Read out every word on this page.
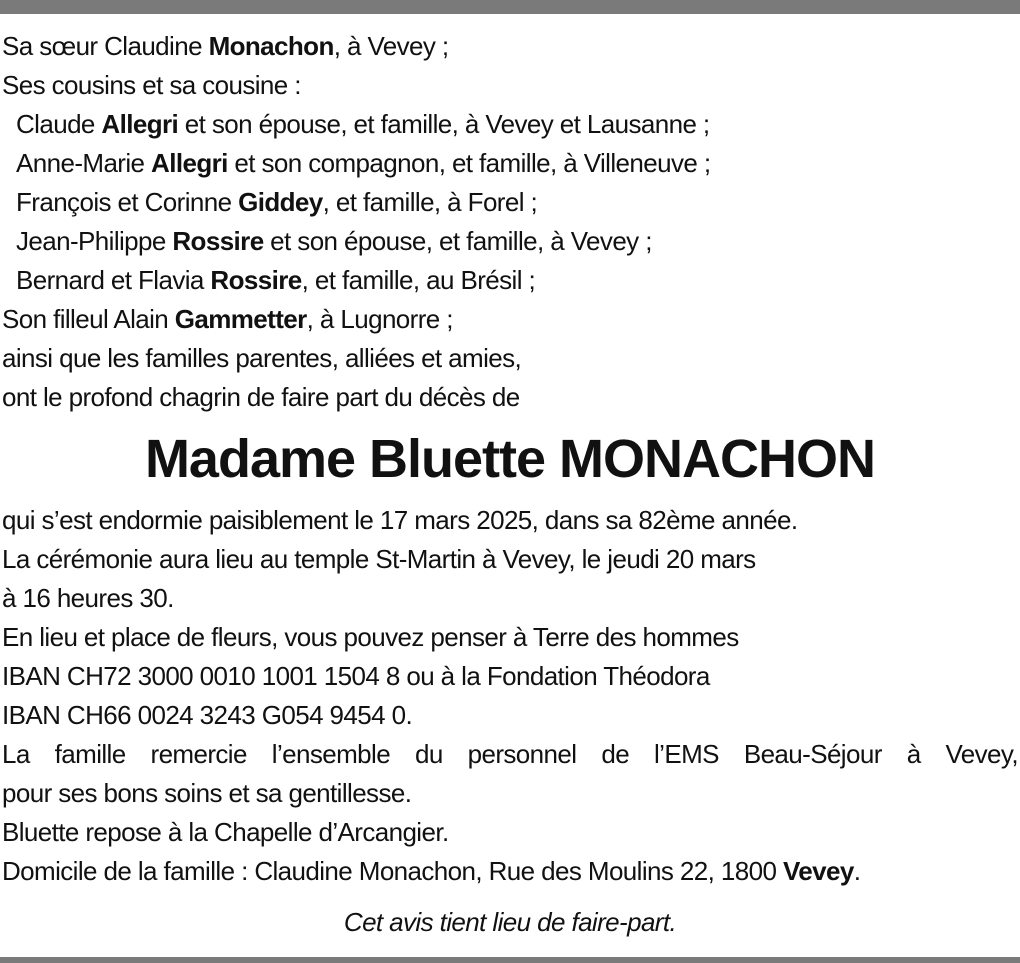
Sa sœur Claudine Monachon, à Vevey ;
Ses cousins et sa cousine :
Claude Allegri et son épouse, et famille, à Vevey et Lausanne ;
Anne-Marie Allegri et son compagnon, et famille, à Villeneuve ;
François et Corinne Giddey, et famille, à Forel ;
Jean-Philippe Rossire et son épouse, et famille, à Vevey ;
Bernard et Flavia Rossire, et famille, au Brésil ;
Son filleul Alain Gammetter, à Lugnorre ;
ainsi que les familles parentes, alliées et amies,
ont le profond chagrin de faire part du décès de
Madame Bluette MONACHON
qui s’est endormie paisiblement le 17 mars 2025, dans sa 82ème année.
La cérémonie aura lieu au temple St-Martin à Vevey, le jeudi 20 mars
à 16 heures 30.
En lieu et place de fleurs, vous pouvez penser à Terre des hommes
IBAN CH72 3000 0010 1001 1504 8 ou à la Fondation Théodora
IBAN CH66 0024 3243 G054 9454 0.
La famille remercie l’ensemble du personnel de l’EMS Beau-Séjour à Vevey,
pour ses bons soins et sa gentillesse.
Bluette repose à la Chapelle d’Arcangier.
Domicile de la famille : Claudine Monachon, Rue des Moulins 22, 1800 Vevey.
Cet avis tient lieu de faire-part.
